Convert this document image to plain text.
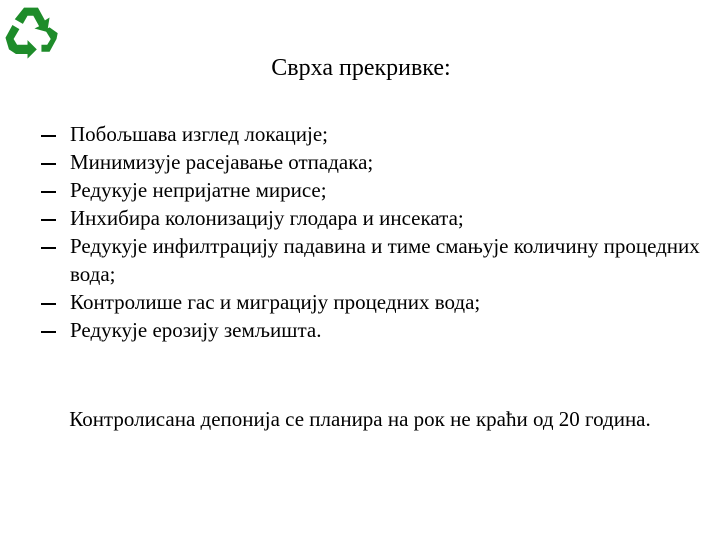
Сврха прекривке:
Побољшава изглед локације;
Минимизује расејавање отпадака;
Редукује непријатне мирисе;
Инхибира колонизацију глодара и инсеката;
Редукује инфилтрацију падавина и тиме смањује количину процедних вода;
Контролише гас и миграцију процедних вода;
Редукује ерозију земљишта.
Контролисана депонија се планира на рок не краћи од 20 година.
